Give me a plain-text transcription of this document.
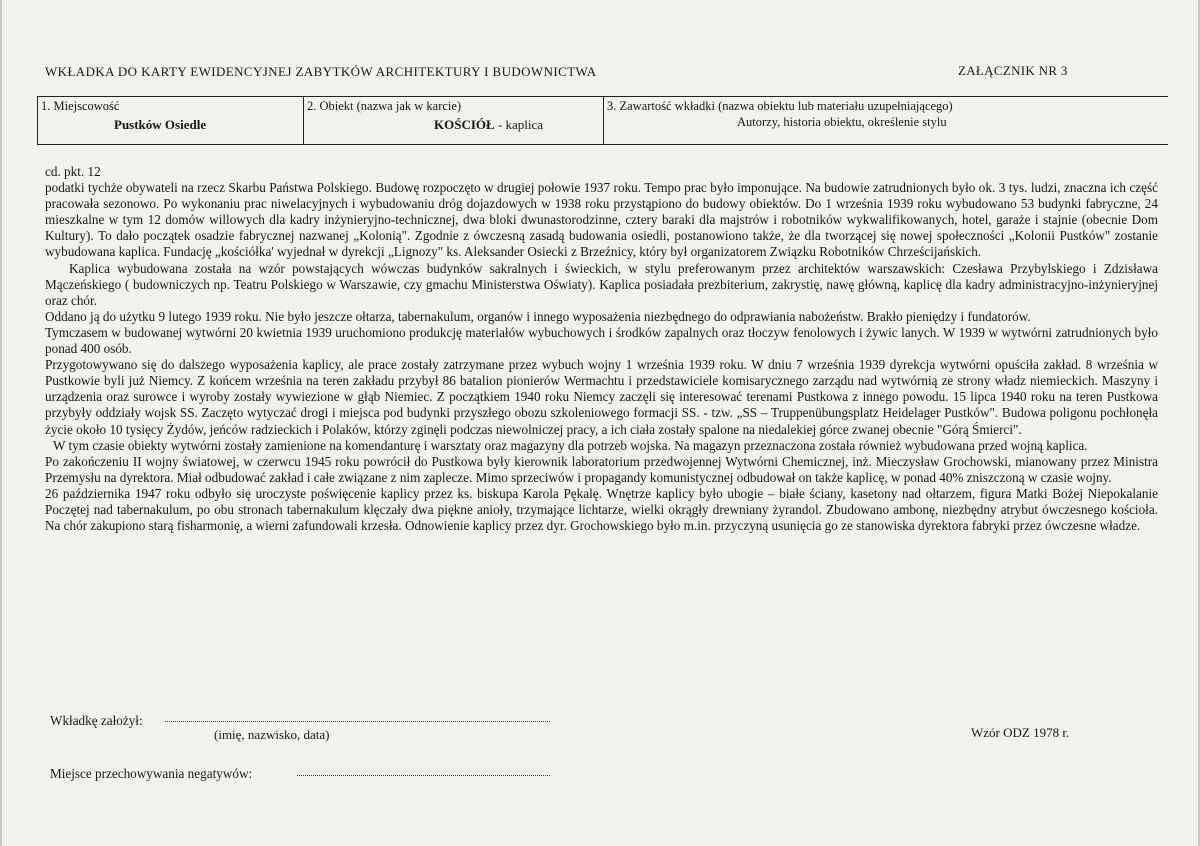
WKŁADKA DO KARTY EWIDENCYJNEJ ZABYTKÓW ARCHITEKTURY I BUDOWNICTWA	ZAŁĄCZNIK NR 3
1. Miejscowość
Pustków Osiedle
2. Obiekt (nazwa jak w karcie)
KOŚCIÓŁ - kaplica
3. Zawartość wkładki (nazwa obiektu lub materiału uzupełniającego)
Autorzy, historia obiektu, określenie stylu

cd. pkt. 12

podatki tychże obywateli na rzecz Skarbu Państwa Polskiego. Budowę rozpoczęto w drugiej połowie 1937 roku. Tempo prac było imponujące. Na budowie zatrudnionych było ok. 3 tys. ludzi, znaczna ich część pracowała sezonowo. Po wykonaniu prac niwelacyjnych i wybudowaniu dróg dojazdowych w 1938 roku przystąpiono do budowy obiektów. Do 1 września 1939 roku wybudowano 53 budynki fabryczne, 24 mieszkalne w tym 12 domów willowych dla kadry inżynieryjno-technicznej, dwa bloki dwunastorodzinne, cztery baraki dla majstrów i robotników wykwalifikowanych, hotel, garaże i stajnie (obecnie Dom Kultury). To dało początek osadzie fabrycznej nazwanej „Kolonią". Zgodnie z ówczesną zasadą budowania osiedli, postanowiono także, że dla tworzącej się nowej społeczności „Kolonii Pustków" zostanie wybudowana kaplica. Fundację „kościółka' wyjednał w dyrekcji „Lignozy" ks. Aleksander Osiecki z Brzeźnicy, który był organizatorem Związku Robotników Chrześcijańskich.

Kaplica wybudowana została na wzór powstających wówczas budynków sakralnych i świeckich, w stylu preferowanym przez architektów warszawskich: Czesława Przybylskiego i Zdzisława Mączeńskiego ( budowniczych np. Teatru Polskiego w Warszawie, czy gmachu Ministerstwa Oświaty). Kaplica posiadała prezbiterium, zakrystię, nawę główną, kaplicę dla kadry administracyjno-inżynieryjnej oraz chór.

Oddano ją do użytku 9 lutego 1939 roku. Nie było jeszcze ołtarza, tabernakulum, organów i innego wyposażenia niezbędnego do odprawiania nabożeństw. Brakło pieniędzy i fundatorów.

Tymczasem w budowanej wytwórni 20 kwietnia 1939 uruchomiono produkcję materiałów wybuchowych i środków zapalnych oraz tłoczyw fenolowych i żywic lanych. W 1939 w wytwórni zatrudnionych było ponad 400 osób.

Przygotowywano się do dalszego wyposażenia kaplicy, ale prace zostały zatrzymane przez wybuch wojny 1 września 1939 roku. W dniu 7 września 1939 dyrekcja wytwórni opuściła zakład. 8 września w Pustkowie byli już Niemcy. Z końcem września na teren zakładu przybył 86 batalion pionierów Wermachtu i przedstawiciele komisarycznego zarządu nad wytwórnią ze strony władz niemieckich. Maszyny i urządzenia oraz surowce i wyroby zostały wywiezione w głąb Niemiec. Z początkiem 1940 roku Niemcy zaczęli się interesować terenami Pustkowa z innego powodu. 15 lipca 1940 roku na teren Pustkowa przybyły oddziały wojsk SS. Zaczęto wytyczać drogi i miejsca pod budynki przyszłego obozu szkoleniowego formacji SS. - tzw. „SS – Truppenübungsplatz Heidelager Pustków". Budowa poligonu pochłonęła życie około 10 tysięcy Żydów, jeńców radzieckich i Polaków, którzy zginęli podczas niewolniczej pracy, a ich ciała zostały spalone na niedalekiej górce zwanej obecnie "Górą Śmierci".

W tym czasie obiekty wytwórni zostały zamienione na komendanturę i warsztaty oraz magazyny dla potrzeb wojska. Na magazyn przeznaczona została również wybudowana przed wojną kaplica.

Po zakończeniu II wojny światowej, w czerwcu 1945 roku powrócił do Pustkowa były kierownik laboratorium przedwojennej Wytwórni Chemicznej, inż. Mieczysław Grochowski, mianowany przez Ministra Przemysłu na dyrektora. Miał odbudować zakład i całe związane z nim zaplecze. Mimo sprzeciwów i propagandy komunistycznej odbudował on także kaplicę, w ponad 40% zniszczoną w czasie wojny.

26 października 1947 roku odbyło się uroczyste poświęcenie kaplicy przez ks. biskupa Karola Pękalę. Wnętrze kaplicy było ubogie – białe ściany, kasetony nad ołtarzem, figura Matki Bożej Niepokalanie Poczętej nad tabernakulum, po obu stronach tabernakulum klęczały dwa piękne anioły, trzymające lichtarze, wielki okrągły drewniany żyrandol. Zbudowano ambonę, niezbędny atrybut ówczesnego kościoła. Na chór zakupiono starą fisharmonię, a wierni zafundowali krzesła. Odnowienie kaplicy przez dyr. Grochowskiego było m.in. przyczyną usunięcia go ze stanowiska dyrektora fabryki przez ówczesne władze.

Wkładkę założył:
(imię, nazwisko, data)	Wzór ODZ 1978 r.
Miejsce przechowywania negatywów:
